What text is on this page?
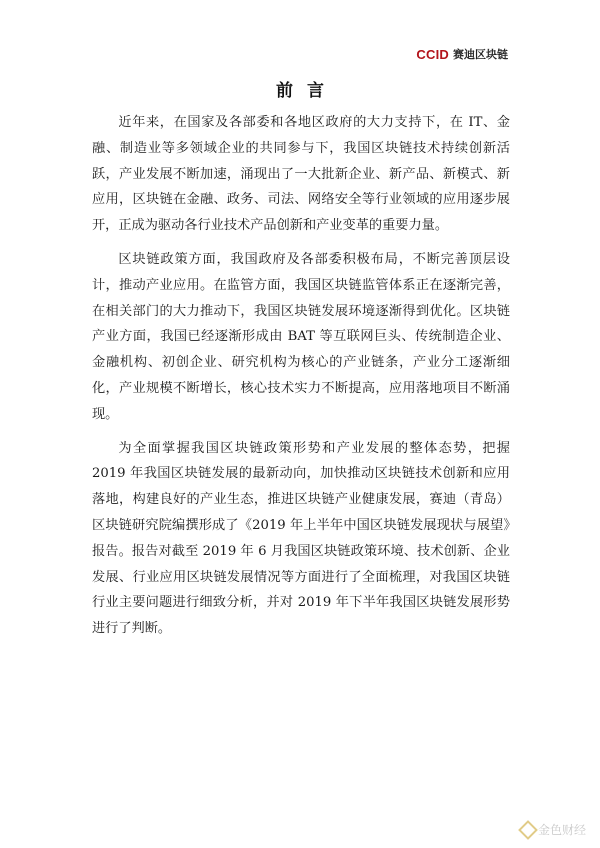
CCID 赛迪区块链
前言

近年来，在国家及各部委和各地区政府的大力支持下，在 IT、金融、制造业等多领域企业的共同参与下，我国区块链技术持续创新活跃，产业发展不断加速，涌现出了一大批新企业、新产品、新模式、新应用，区块链在金融、政务、司法、网络安全等行业领域的应用逐步展开，正成为驱动各行业技术产品创新和产业变革的重要力量。

区块链政策方面，我国政府及各部委积极布局，不断完善顶层设计，推动产业应用。在监管方面，我国区块链监管体系正在逐渐完善，在相关部门的大力推动下，我国区块链发展环境逐渐得到优化。区块链产业方面，我国已经逐渐形成由 BAT 等互联网巨头、传统制造企业、金融机构、初创企业、研究机构为核心的产业链条，产业分工逐渐细化，产业规模不断增长，核心技术实力不断提高，应用落地项目不断涌现。

为全面掌握我国区块链政策形势和产业发展的整体态势，把握 2019 年我国区块链发展的最新动向，加快推动区块链技术创新和应用落地，构建良好的产业生态，推进区块链产业健康发展，赛迪（青岛）区块链研究院编撰形成了《2019 年上半年中国区块链发展现状与展望》报告。报告对截至 2019 年 6 月我国区块链政策环境、技术创新、企业发展、行业应用区块链发展情况等方面进行了全面梳理，对我国区块链行业主要问题进行细致分析，并对 2019 年下半年我国区块链发展形势进行了判断。

金色财经
